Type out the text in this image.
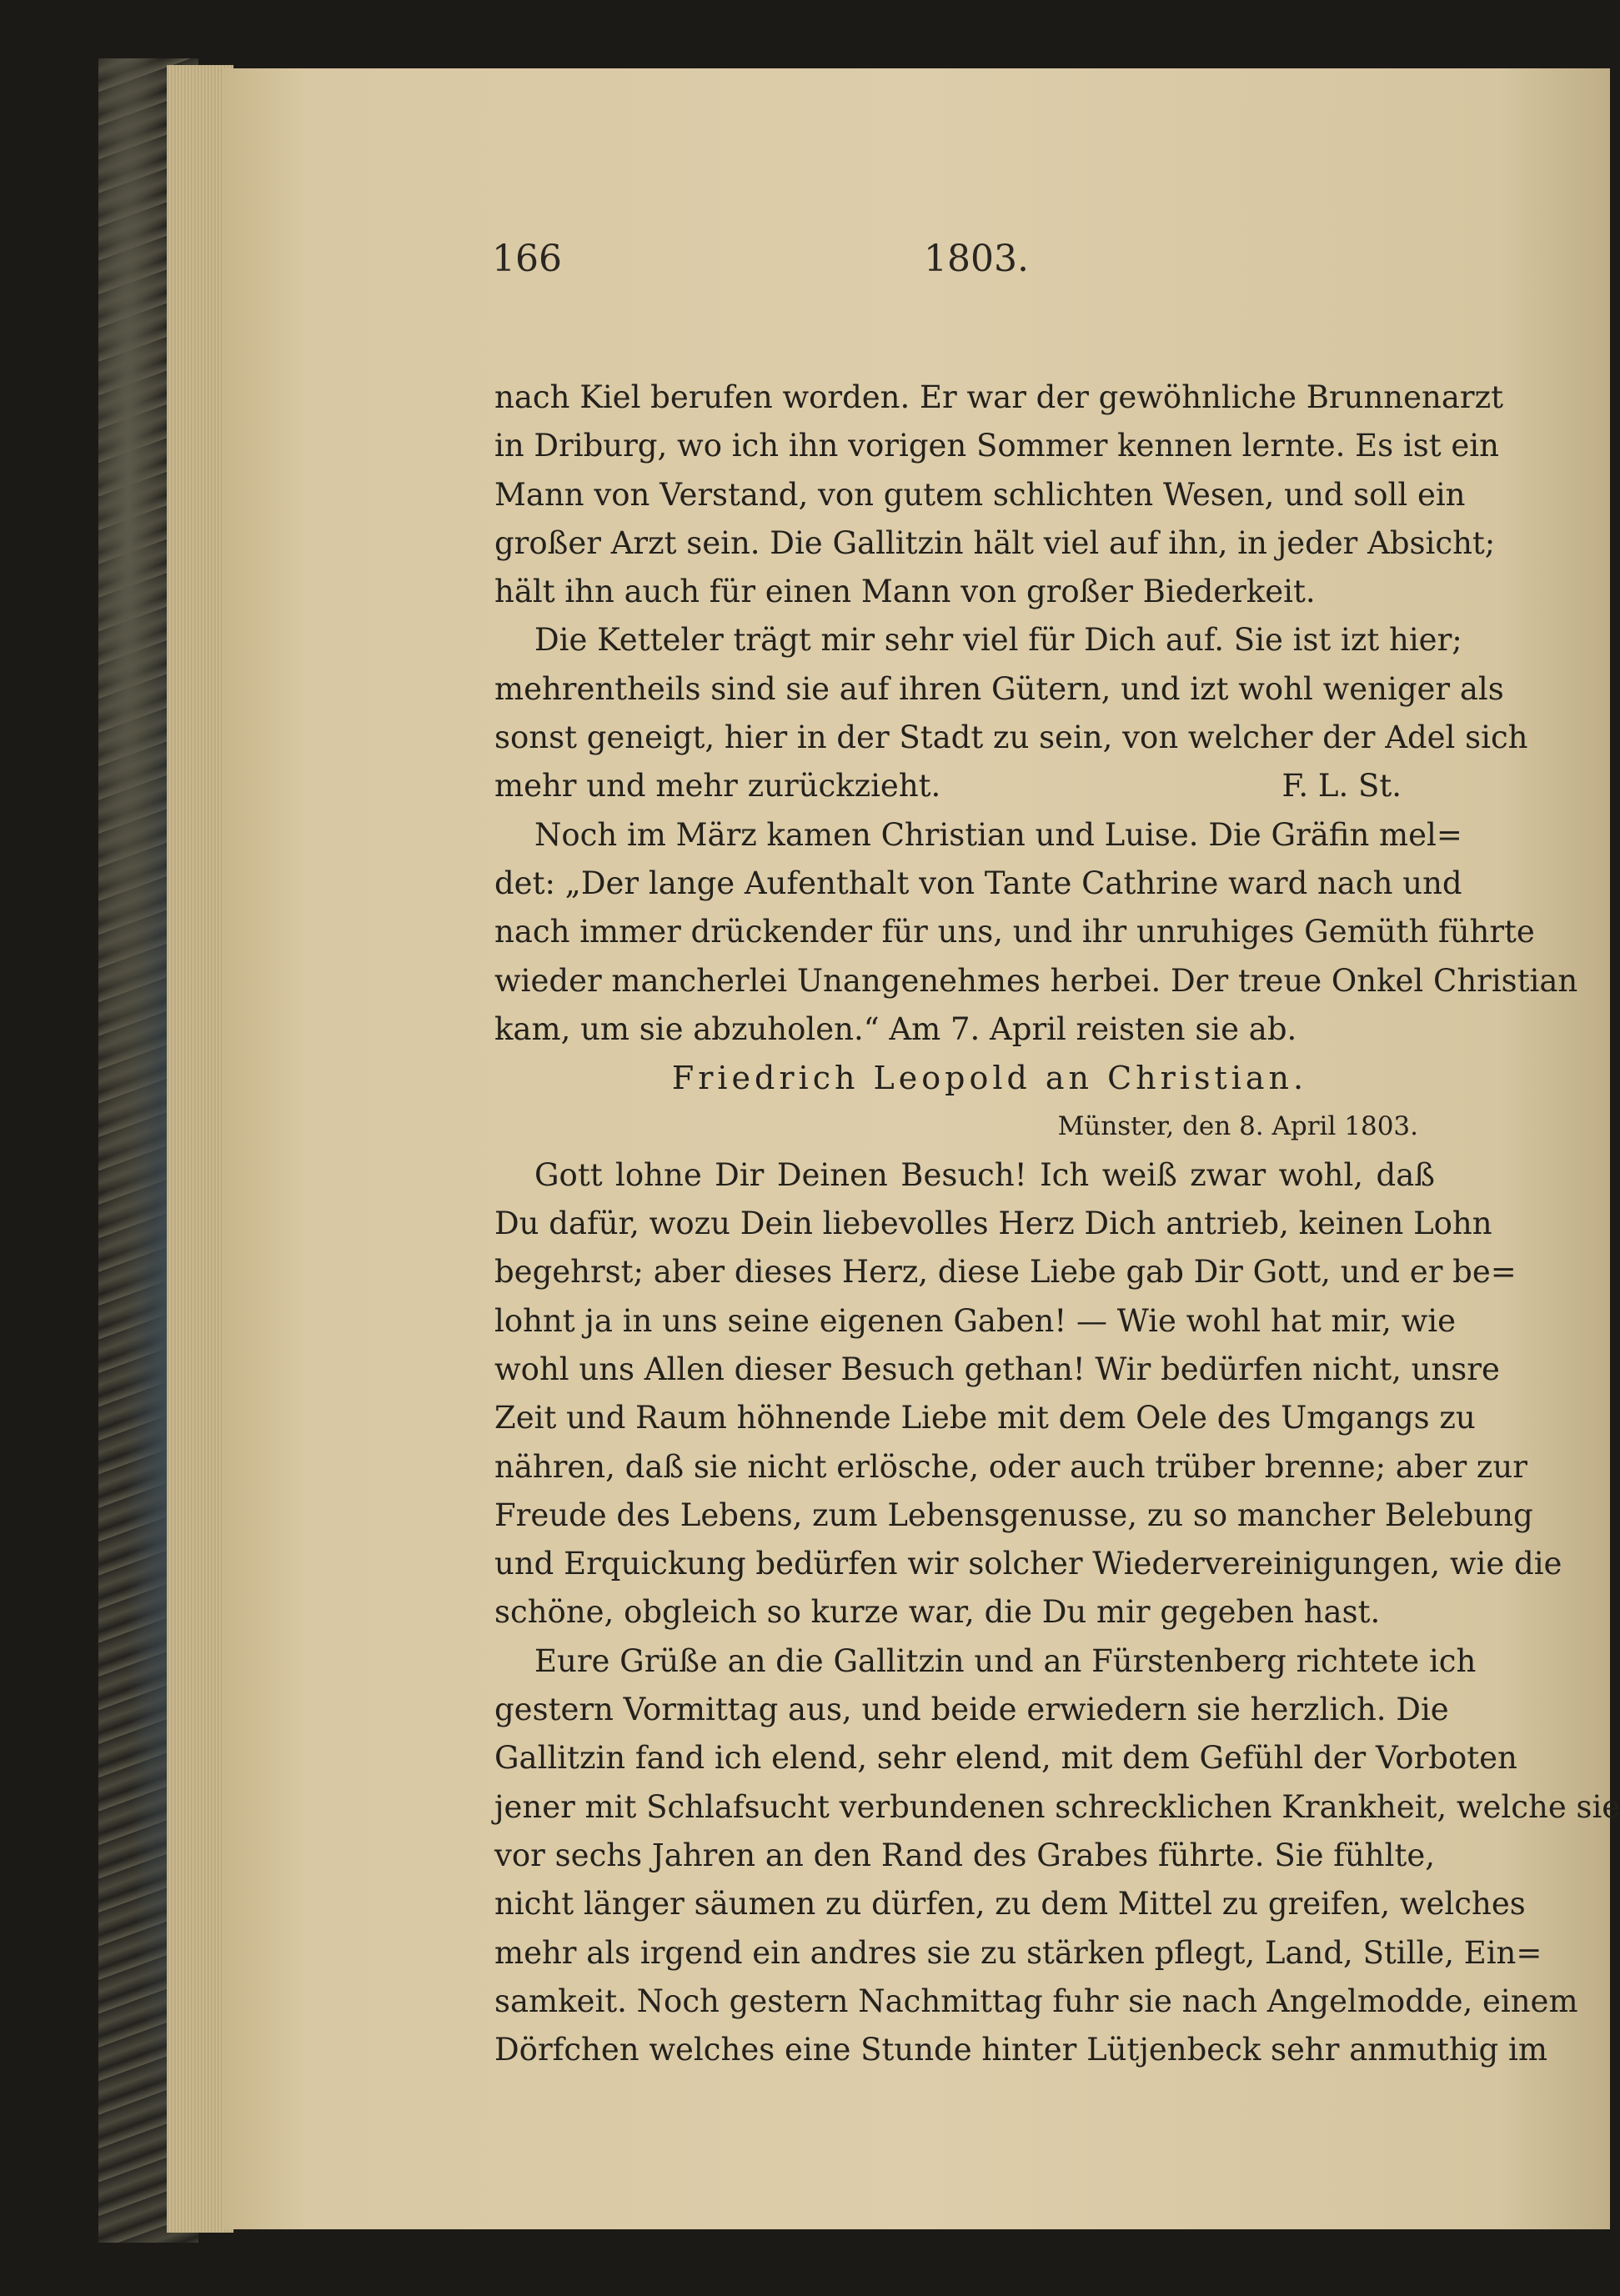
166	1803.
nach Kiel berufen worden. Er war der gewöhnliche Brunnenarzt
in Driburg, wo ich ihn vorigen Sommer kennen lernte. Es ist ein
Mann von Verstand, von gutem schlichten Wesen, und soll ein
großer Arzt sein. Die Gallitzin hält viel auf ihn, in jeder Absicht;
hält ihn auch für einen Mann von großer Biederkeit.
Die Ketteler trägt mir sehr viel für Dich auf. Sie ist izt hier;
mehrentheils sind sie auf ihren Gütern, und izt wohl weniger als
sonst geneigt, hier in der Stadt zu sein, von welcher der Adel sich
mehr und mehr zurückzieht.	F. L. St.
Noch im März kamen Christian und Luise. Die Gräfin mel=
det: „Der lange Aufenthalt von Tante Cathrine ward nach und
nach immer drückender für uns, und ihr unruhiges Gemüth führte
wieder mancherlei Unangenehmes herbei. Der treue Onkel Christian
kam, um sie abzuholen.“ Am 7. April reisten sie ab.
Friedrich Leopold an Christian.
Münster, den 8. April 1803.
Gott lohne Dir Deinen Besuch! Ich weiß zwar wohl, daß
Du dafür, wozu Dein liebevolles Herz Dich antrieb, keinen Lohn
begehrst; aber dieses Herz, diese Liebe gab Dir Gott, und er be=
lohnt ja in uns seine eigenen Gaben! — Wie wohl hat mir, wie
wohl uns Allen dieser Besuch gethan! Wir bedürfen nicht, unsre
Zeit und Raum höhnende Liebe mit dem Oele des Umgangs zu
nähren, daß sie nicht erlösche, oder auch trüber brenne; aber zur
Freude des Lebens, zum Lebensgenusse, zu so mancher Belebung
und Erquickung bedürfen wir solcher Wiedervereinigungen, wie die
schöne, obgleich so kurze war, die Du mir gegeben hast.
Eure Grüße an die Gallitzin und an Fürstenberg richtete ich
gestern Vormittag aus, und beide erwiedern sie herzlich. Die
Gallitzin fand ich elend, sehr elend, mit dem Gefühl der Vorboten
jener mit Schlafsucht verbundenen schrecklichen Krankheit, welche sie
vor sechs Jahren an den Rand des Grabes führte. Sie fühlte,
nicht länger säumen zu dürfen, zu dem Mittel zu greifen, welches
mehr als irgend ein andres sie zu stärken pflegt, Land, Stille, Ein=
samkeit. Noch gestern Nachmittag fuhr sie nach Angelmodde, einem
Dörfchen welches eine Stunde hinter Lütjenbeck sehr anmuthig im
